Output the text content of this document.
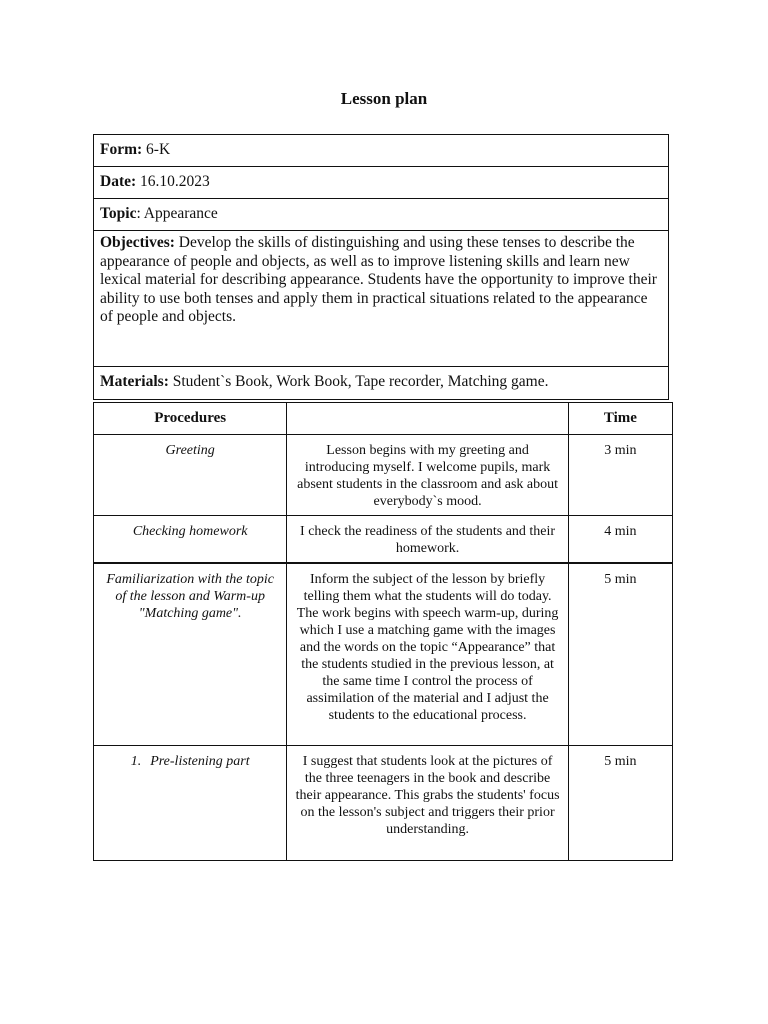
Lesson plan
Form: 6-K
Date: 16.10.2023
Topic: Appearance
Objectives: Develop the skills of distinguishing and using these tenses to describe the appearance of people and objects, as well as to improve listening skills and learn new lexical material for describing appearance. Students have the opportunity to improve their ability to use both tenses and apply them in practical situations related to the appearance of people and objects.
Materials: Student`s Book, Work Book, Tape recorder, Matching game.
Procedures		Time
Greeting	Lesson begins with my greeting and introducing myself. I welcome pupils, mark absent students in the classroom and ask about everybody`s mood.	3 min
Checking homework	I check the readiness of the students and their homework.	4 min
Familiarization with the topic of the lesson and Warm-up "Matching game".	Inform the subject of the lesson by briefly telling them what the students will do today. The work begins with speech warm-up, during which I use a matching game with the images and the words on the topic “Appearance” that the students studied in the previous lesson, at the same time I control the process of assimilation of the material and I adjust the students to the educational process.	5 min
1. Pre-listening part	I suggest that students look at the pictures of the three teenagers in the book and describe their appearance. This grabs the students' focus on the lesson's subject and triggers their prior understanding.	5 min
